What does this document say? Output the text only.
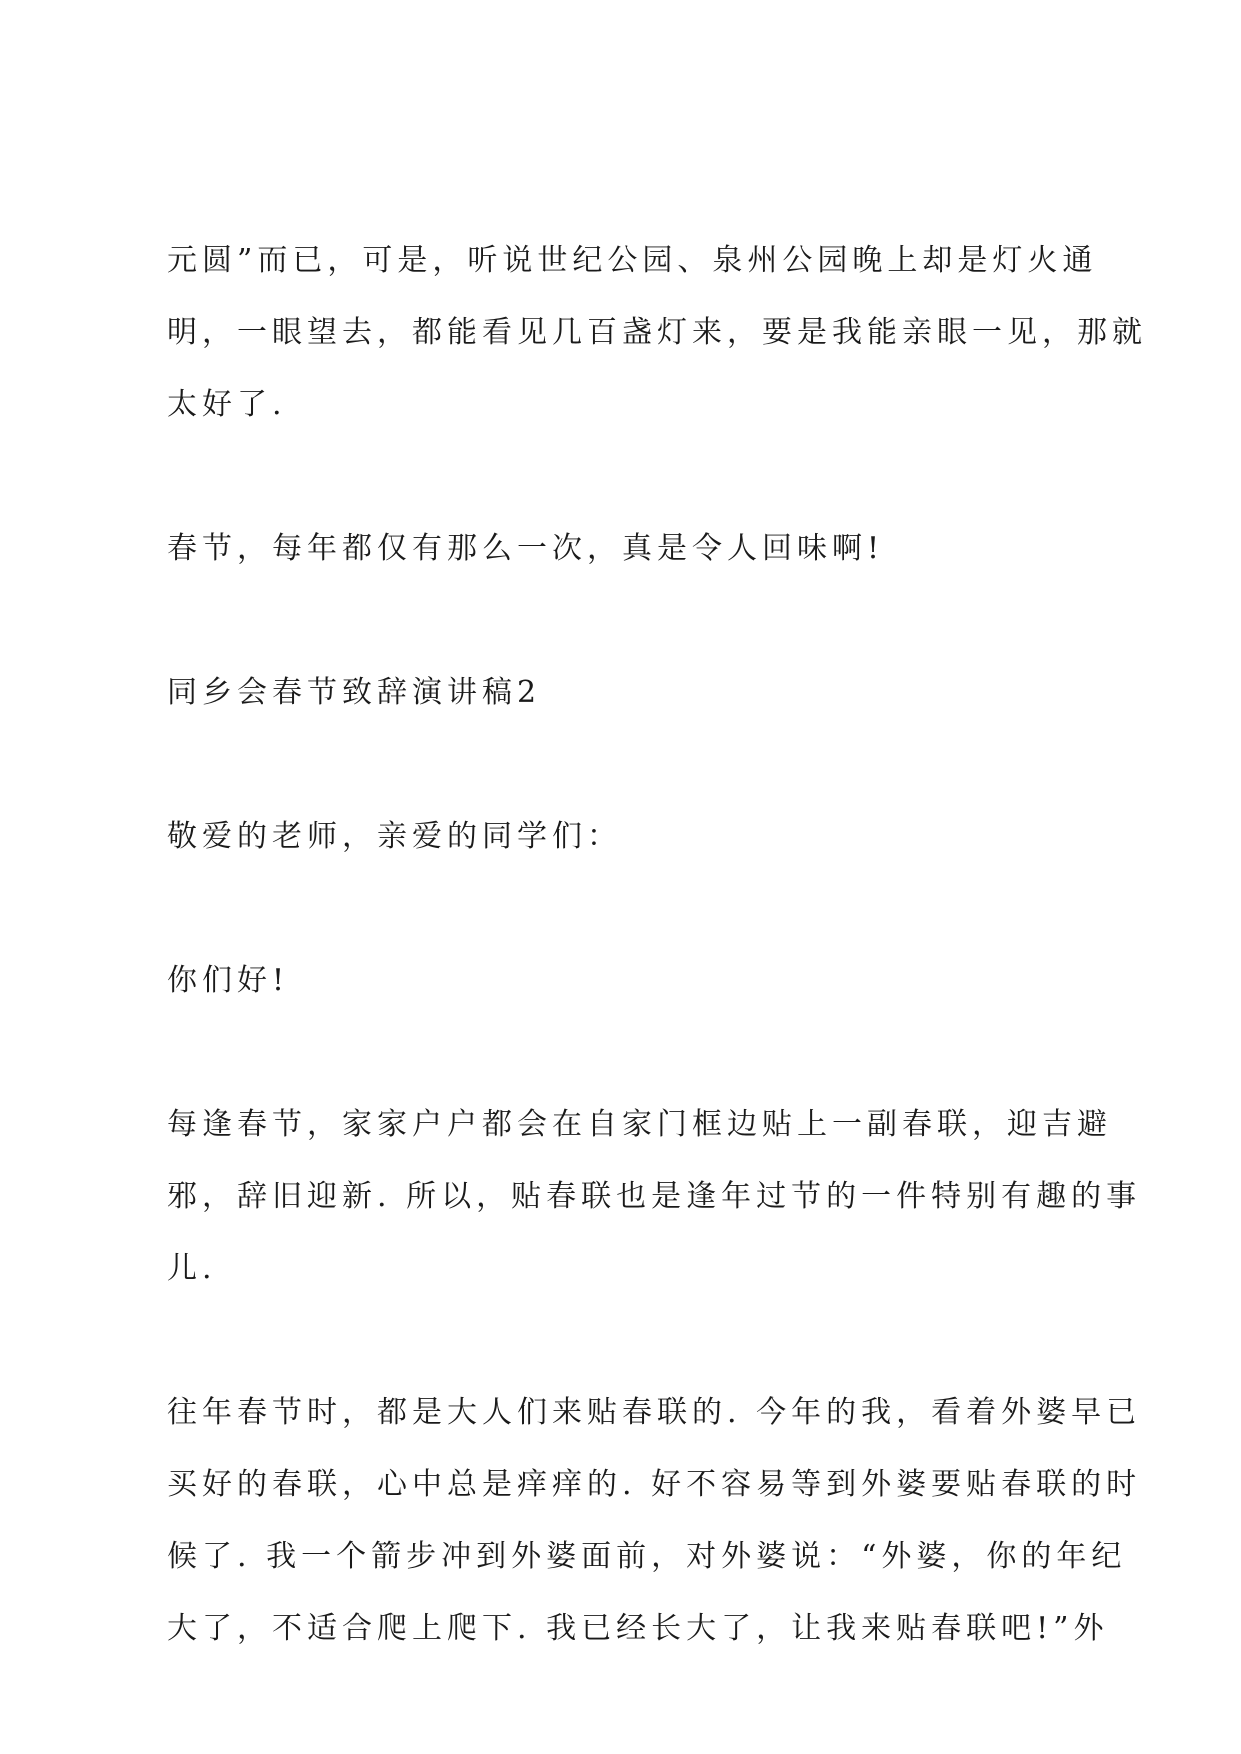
元圆”而已，可是，听说世纪公园、泉州公园晚上却是灯火通
明，一眼望去，都能看见几百盏灯来，要是我能亲眼一见，那就
太好了.
春节，每年都仅有那么一次，真是令人回味啊!
同乡会春节致辞演讲稿2
敬爱的老师，亲爱的同学们：
你们好!
每逢春节，家家户户都会在自家门框边贴上一副春联，迎吉避
邪，辞旧迎新. 所以，贴春联也是逢年过节的一件特别有趣的事
儿.
往年春节时，都是大人们来贴春联的. 今年的我，看着外婆早已
买好的春联，心中总是痒痒的. 好不容易等到外婆要贴春联的时
候了. 我一个箭步冲到外婆面前，对外婆说：“外婆，你的年纪
大了，不适合爬上爬下. 我已经长大了，让我来贴春联吧!”外
